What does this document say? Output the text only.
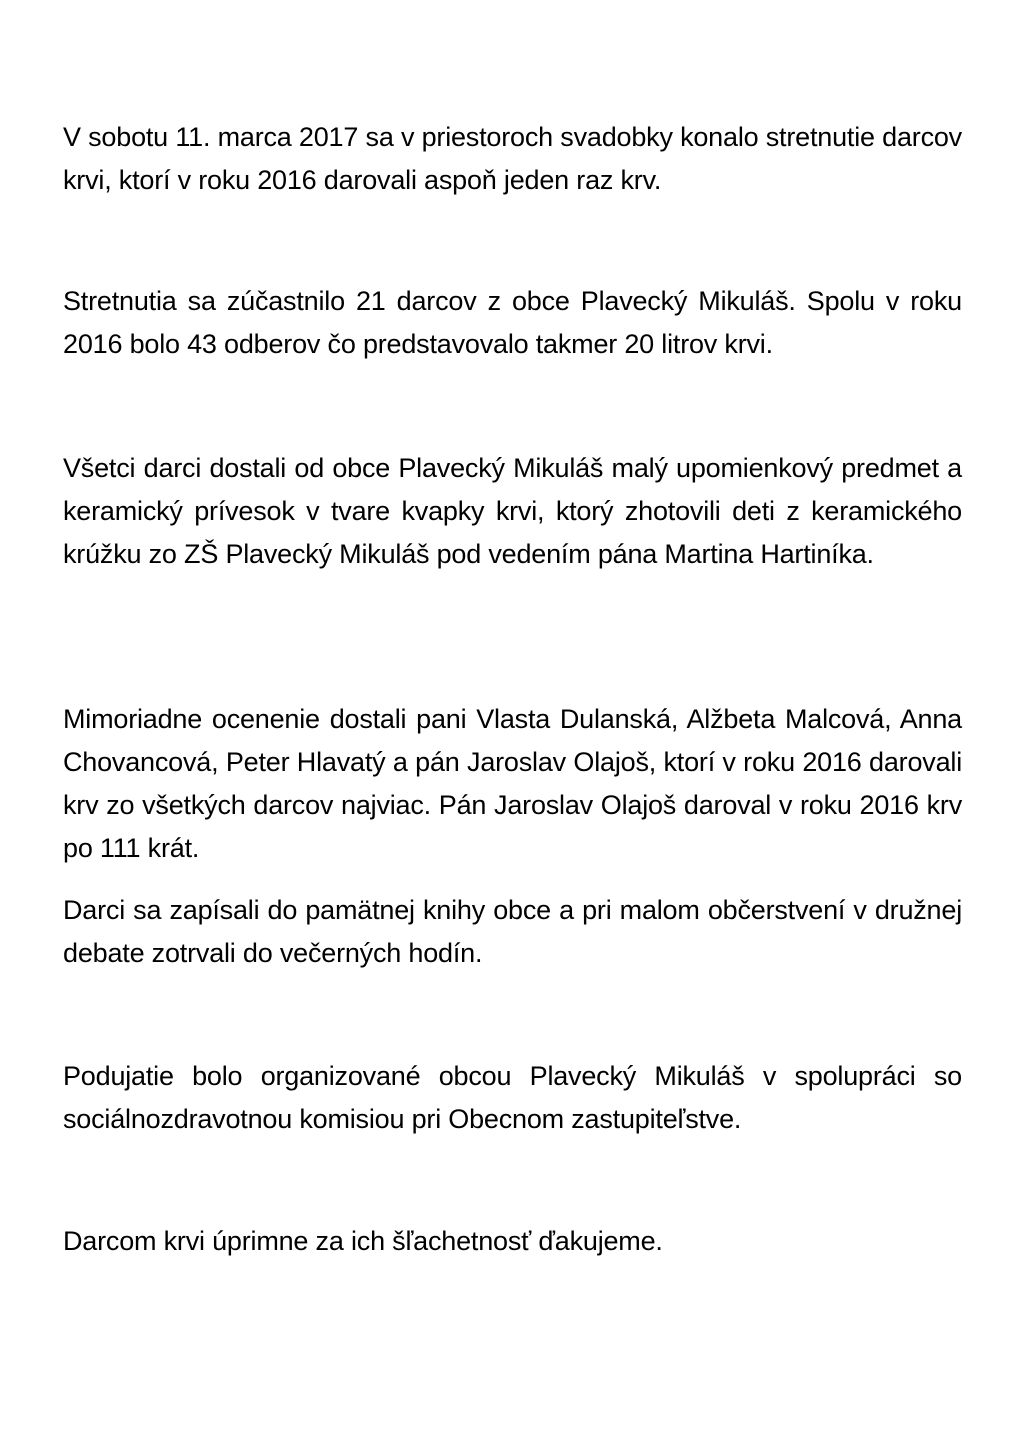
V sobotu 11. marca 2017 sa v priestoroch svadobky konalo stretnutie darcov krvi, ktorí v roku 2016 darovali aspoň jeden raz krv.

Stretnutia sa zúčastnilo 21 darcov z obce Plavecký Mikuláš. Spolu v roku 2016 bolo 43 odberov čo predstavovalo takmer 20 litrov krvi.

Všetci darci dostali od obce Plavecký Mikuláš malý upomienkový predmet a keramický prívesok v tvare kvapky krvi, ktorý zhotovili deti z keramického krúžku zo ZŠ Plavecký Mikuláš pod vedením pána Martina Hartiníka.

Mimoriadne ocenenie dostali pani Vlasta Dulanská, Alžbeta Malcová, Anna Chovancová, Peter Hlavatý a pán Jaroslav Olajoš, ktorí v roku 2016 darovali krv zo všetkých darcov najviac. Pán Jaroslav Olajoš daroval v roku 2016 krv po 111 krát.

Darci sa zapísali do pamätnej knihy obce a pri malom občerstvení v družnej debate zotrvali do večerných hodín.

Podujatie bolo organizované obcou Plavecký Mikuláš v spolupráci so sociálnozdravotnou komisiou pri Obecnom zastupiteľstve.

Darcom krvi úprimne za ich šľachetnosť ďakujeme.
